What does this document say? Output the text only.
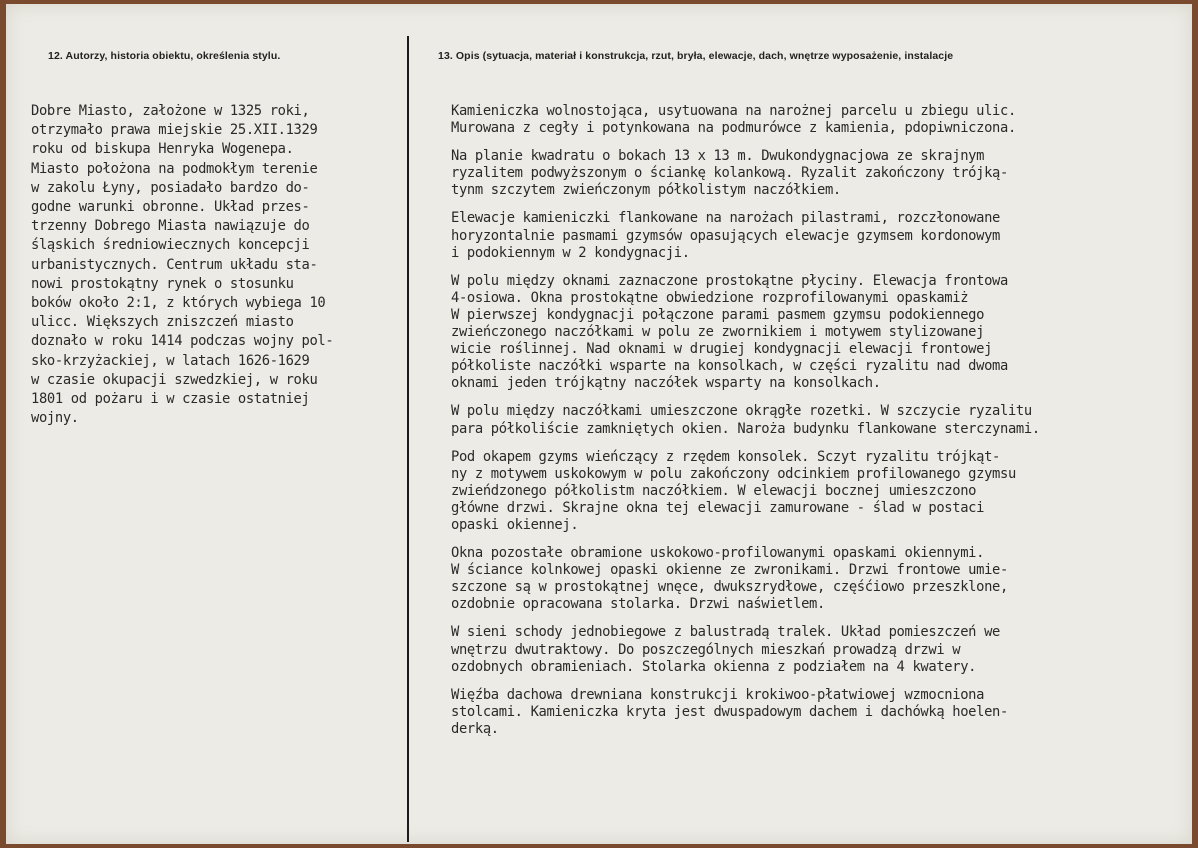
12. Autorzy, historia obiektu, określenia stylu.	13. Opis (sytuacja, materiał i konstrukcja, rzut, bryła, elewacje, dach, wnętrze wyposażenie, instalacje
Dobre Miasto, założone w 1325 roki,
otrzymało prawa miejskie 25.XII.1329
roku od biskupa Henryka Wogenepa.
Miasto położona na podmokłym terenie
w zakolu Łyny, posiadało bardzo do-
godne warunki obronne. Układ przes-
trzenny Dobrego Miasta nawiązuje do
śląskich średniowiecznych koncepcji
urbanistycznych. Centrum układu sta-
nowi prostokątny rynek o stosunku
boków około 2:1, z których wybiega 10
ulicc. Większych zniszczeń miasto
doznało w roku 1414 podczas wojny pol-
sko-krzyżackiej, w latach 1626-1629
w czasie okupacji szwedzkiej, w roku
1801 od pożaru i w czasie ostatniej
wojny.
Kamieniczka wolnostojąca, usytuowana na narożnej parcelu u zbiegu ulic.
Murowana z cegły i potynkowana na podmurówce z kamienia, pdopiwniczona.
Na planie kwadratu o bokach 13 x 13 m. Dwukondygnacjowa ze skrajnym
ryzalitem podwyższonym o ściankę kolankową. Ryzalit zakończony trójką-
tynm szczytem zwieńczonym półkolistym naczółkiem.
Elewacje kamieniczki flankowane na narożach pilastrami, rozczłonowane
horyzontalnie pasmami gzymsów opasujących elewacje gzymsem kordonowym
i podokiennym w 2 kondygnacji.
W polu między oknami zaznaczone prostokątne płyciny. Elewacja frontowa
4-osiowa. Okna prostokątne obwiedzione rozprofilowanymi opaskamiż
W pierwszej kondygnacji połączone parami pasmem gzymsu podokiennego
zwieńczonego naczółkami w polu ze zwornikiem i motywem stylizowanej
wicie roślinnej. Nad oknami w drugiej kondygnacji elewacji frontowej
półkoliste naczółki wsparte na konsolkach, w części ryzalitu nad dwoma
oknami jeden trójkątny naczółek wsparty na konsolkach.
W polu między naczółkami umieszczone okrągłe rozetki. W szczycie ryzalitu
para półkoliście zamkniętych okien. Naroża budynku flankowane sterczynami.
Pod okapem gzyms wieńczący z rzędem konsolek. Sczyt ryzalitu trójkąt-
ny z motywem uskokowym w polu zakończony odcinkiem profilowanego gzymsu
zwieńdzonego półkolistm naczółkiem. W elewacji bocznej umieszczono
główne drzwi. Skrajne okna tej elewacji zamurowane - ślad w postaci
opaski okiennej.
Okna pozostałe obramione uskokowo-profilowanymi opaskami okiennymi.
W ściance kolnkowej opaski okienne ze zwronikami. Drzwi frontowe umie-
szczone są w prostokątnej wnęce, dwukszrydłowe, częśćiowo przeszklone,
ozdobnie opracowana stolarka. Drzwi naświetlem.
W sieni schody jednobiegowe z balustradą tralek. Układ pomieszczeń we
wnętrzu dwutraktowy. Do poszczególnych mieszkań prowadzą drzwi w
ozdobnych obramieniach. Stolarka okienna z podziałem na 4 kwatery.
Więźba dachowa drewniana konstrukcji krokiwoo-płatwiowej wzmocniona
stolcami. Kamieniczka kryta jest dwuspadowym dachem i dachówką hoelen-
derką.
